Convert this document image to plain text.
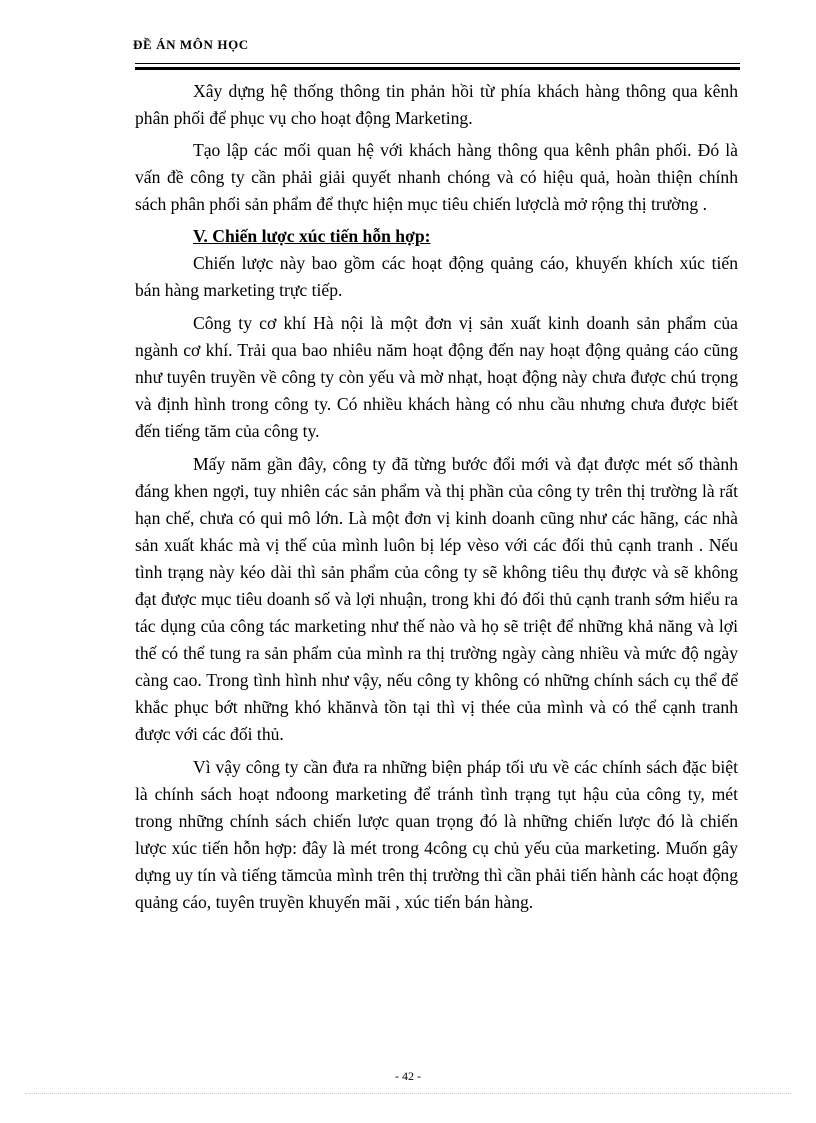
ĐỀ ÁN MÔN HỌC

Xây dựng hệ thống thông tin phản hồi từ phía khách hàng thông qua kênh phân phối để phục vụ cho hoạt động Marketing.

Tạo lập các mối quan hệ với khách hàng thông qua kênh phân phối. Đó là vấn đề công ty cần phải giải quyết nhanh chóng và có hiệu quả, hoàn thiện chính sách phân phối sản phẩm để thực hiện mục tiêu chiến lượclà mở rộng thị trường .

V. Chiến lược xúc tiến hỗn hợp:

Chiến lược này bao gồm các hoạt động quảng cáo, khuyến khích xúc tiến bán hàng marketing trực tiếp.

Công ty cơ khí Hà nội là một đơn vị sản xuất kinh doanh sản phẩm của ngành cơ khí. Trải qua bao nhiêu năm hoạt động đến nay hoạt động quảng cáo cũng như tuyên truyền về công ty còn yếu và mờ nhạt, hoạt động này chưa được chú trọng và định hình trong công ty. Có nhiều khách hàng có nhu cầu nhưng chưa được biết đến tiếng tăm của công ty.

Mấy năm gần đây, công ty đã từng bước đổi mới và đạt được mét số thành đáng khen ngợi, tuy nhiên các sản phẩm và thị phần của công ty trên thị trường là rất hạn chế, chưa có qui mô lớn. Là một đơn vị kinh doanh cũng như các hãng, các nhà sản xuất khác mà vị thế của mình luôn bị lép vèso với các đối thủ cạnh tranh . Nếu tình trạng này kéo dài thì sản phẩm của công ty sẽ không tiêu thụ được và sẽ không đạt được mục tiêu doanh số và lợi nhuận, trong khi đó đối thủ cạnh tranh sớm hiểu ra tác dụng của công tác marketing như thế nào và họ sẽ triệt để những khả năng và lợi thế có thể tung ra sản phẩm của mình ra thị trường ngày càng nhiều và mức độ ngày càng cao. Trong tình hình như vậy, nếu công ty không có những chính sách cụ thể để khắc phục bớt những khó khănvà tồn tại thì vị thée của mình và có thể cạnh tranh được với các đối thủ.

Vì vậy công ty cần đưa ra những biện pháp tối ưu về các chính sách đặc biệt là chính sách hoạt nđoong marketing để tránh tình trạng tụt hậu của công ty, mét trong những chính sách chiến lược quan trọng đó là những chiến lược đó là chiến lược xúc tiến hỗn hợp: đây là mét trong 4công cụ chủ yếu của marketing. Muốn gây dựng uy tín và tiếng tămcủa mình trên thị trường thì cần phải tiến hành các hoạt động quảng cáo, tuyên truyền khuyến mãi , xúc tiến bán hàng.

- 42 -
